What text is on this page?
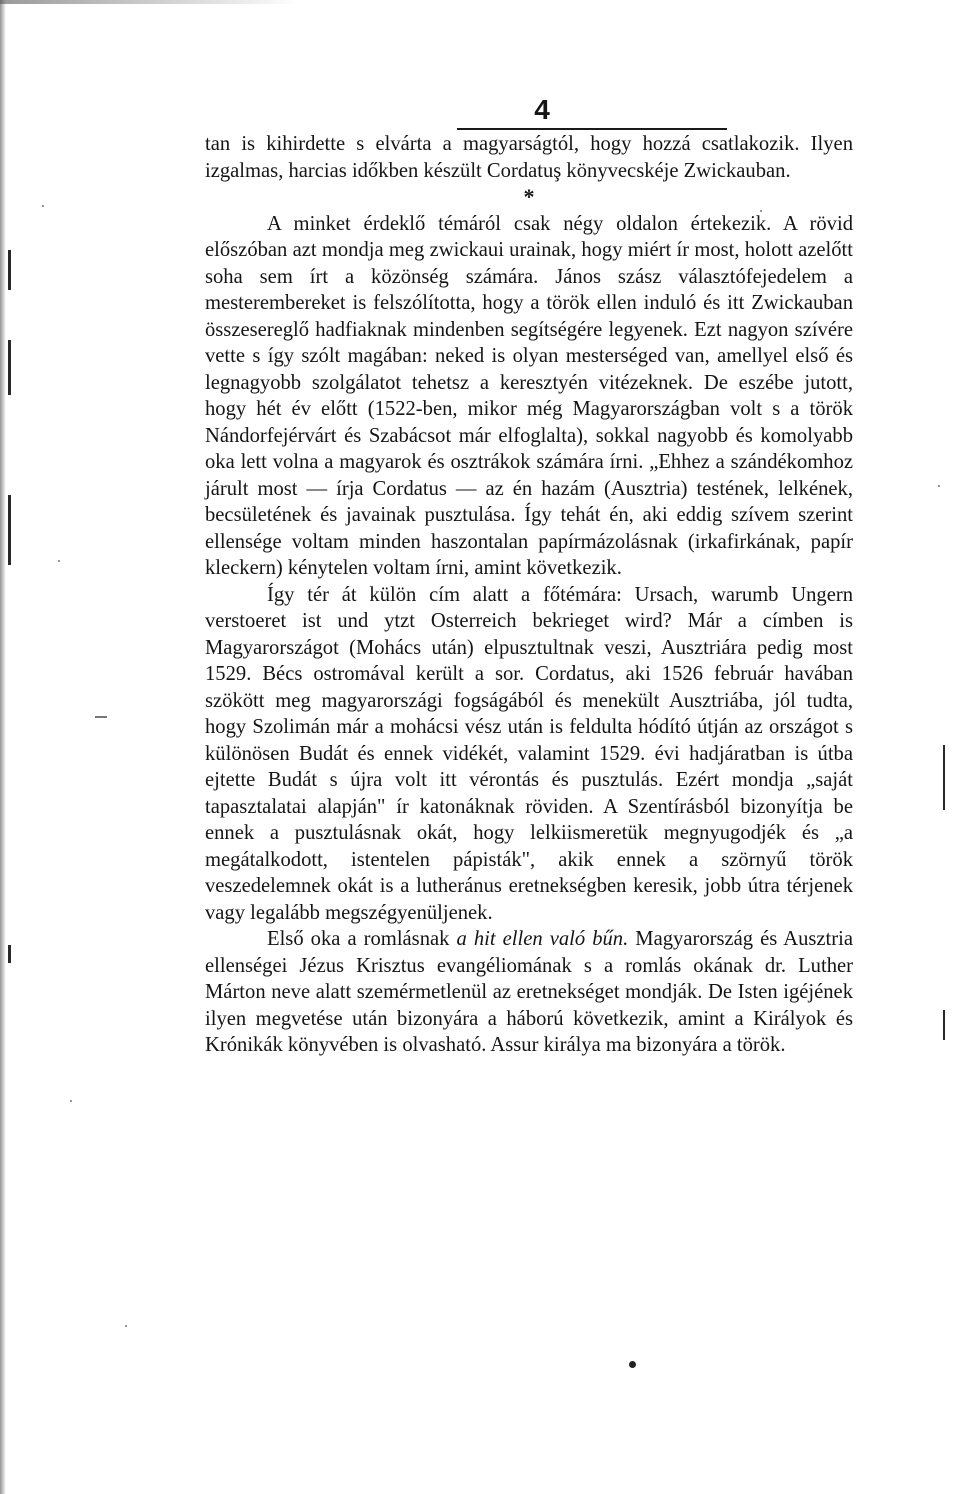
4

tan is kihirdette s elvárta a magyarságtól, hogy hozzá csatlakozik. Ilyen izgalmas, harcias időkben készült Cordatuş könyvecskéje Zwickauban.

*

A minket érdeklő témáról csak négy oldalon értekezik. A rövid előszóban azt mondja meg zwickaui urainak, hogy miért ír most, holott azelőtt soha sem írt a közönség számára. János szász választófejedelem a mesterembereket is felszólította, hogy a török ellen induló és itt Zwickauban összesereglő hadfiaknak mindenben segítségére legyenek. Ezt nagyon szívére vette s így szólt magában: neked is olyan mesterséged van, amellyel első és legnagyobb szolgálatot tehetsz a keresztyén vitézeknek. De eszébe jutott, hogy hét év előtt (1522-ben, mikor még Magyarországban volt s a török Nándorfejérvárt és Szabácsot már elfoglalta), sokkal nagyobb és komolyabb oka lett volna a magyarok és osztrákok számára írni. „Ehhez a szándékomhoz járult most — írja Cordatus — az én hazám (Ausztria) testének, lelkének, becsületének és javainak pusztulása. Így tehát én, aki eddig szívem szerint ellensége voltam minden haszontalan papírmázolásnak (irkafirkának, papír kleckern) kénytelen voltam írni, amint következik.

Így tér át külön cím alatt a főtémára: Ursach, warumb Ungern verstoeret ist und ytzt Osterreich bekrieget wird? Már a címben is Magyarországot (Mohács után) elpusztultnak veszi, Ausztriára pedig most 1529. Bécs ostromával került a sor. Cordatus, aki 1526 február havában szökött meg magyarországi fogságából és menekült Ausztriába, jól tudta, hogy Szolimán már a mohácsi vész után is feldulta hódító útján az országot s különösen Budát és ennek vidékét, valamint 1529. évi hadjáratban is útba ejtette Budát s újra volt itt vérontás és pusztulás. Ezért mondja „saját tapasztalatai alapján" ír katonáknak röviden. A Szentírásból bizonyítja be ennek a pusztulásnak okát, hogy lelkiismeretük megnyugodjék és „a megátalkodott, istentelen pápisták", akik ennek a szörnyű török veszedelemnek okát is a lutheránus eretnekségben keresik, jobb útra térjenek vagy legalább megszégyenüljenek.

Első oka a romlásnak a hit ellen való bűn. Magyarország és Ausztria ellenségei Jézus Krisztus evangéliomának s a romlás okának dr. Luther Márton neve alatt szemérmetlenül az eretnekséget mondják. De Isten igéjének ilyen megvetése után bizonyára a háború következik, amint a Királyok és Krónikák könyvében is olvasható. Assur királya ma bizonyára a török.
